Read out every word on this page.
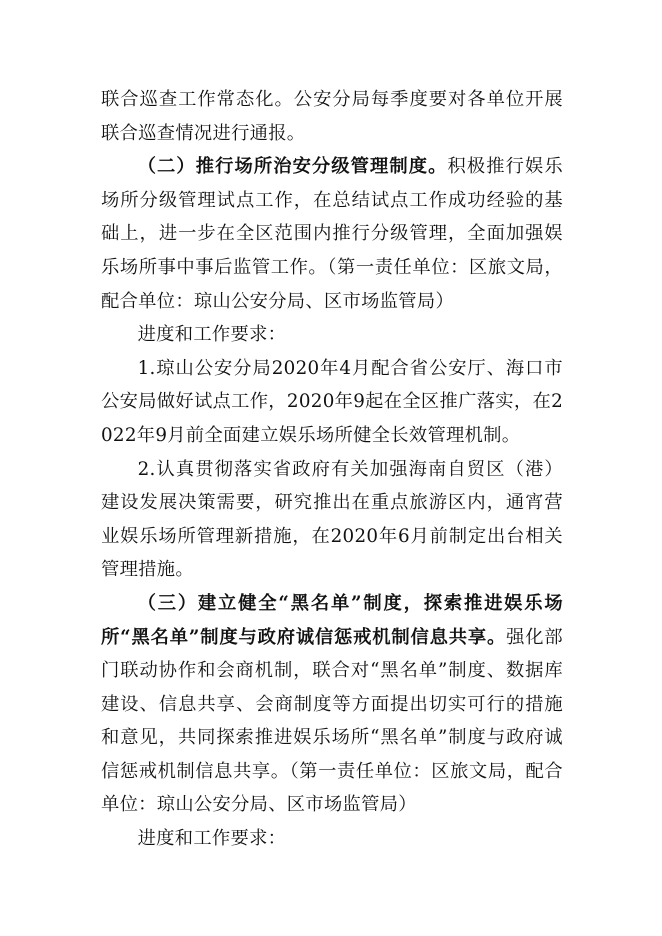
联合巡查工作常态化。公安分局每季度要对各单位开展联合巡查情况进行通报。

（二）推行场所治安分级管理制度。积极推行娱乐场所分级管理试点工作，在总结试点工作成功经验的基础上，进一步在全区范围内推行分级管理，全面加强娱乐场所事中事后监管工作。（第一责任单位：区旅文局，配合单位：琼山公安分局、区市场监管局）

进度和工作要求：

1.琼山公安分局2020年4月配合省公安厅、海口市公安局做好试点工作，2020年9起在全区推广落实，在2022年9月前全面建立娱乐场所健全长效管理机制。

2.认真贯彻落实省政府有关加强海南自贸区（港）建设发展决策需要，研究推出在重点旅游区内，通宵营业娱乐场所管理新措施，在2020年6月前制定出台相关管理措施。

（三）建立健全“黑名单”制度，探索推进娱乐场所“黑名单”制度与政府诚信惩戒机制信息共享。强化部门联动协作和会商机制，联合对“黑名单”制度、数据库建设、信息共享、会商制度等方面提出切实可行的措施和意见，共同探索推进娱乐场所“黑名单”制度与政府诚信惩戒机制信息共享。（第一责任单位：区旅文局，配合单位：琼山公安分局、区市场监管局）

进度和工作要求：
